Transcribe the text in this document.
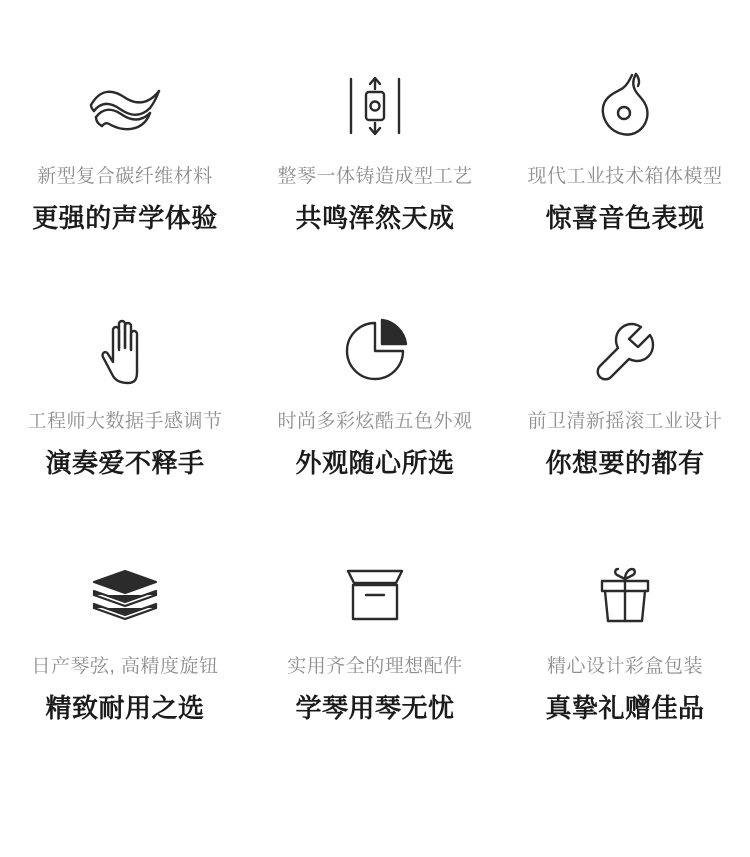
新型复合碳纤维材料
更强的声学体验
整琴一体铸造成型工艺
共鸣浑然天成
现代工业技术箱体模型
惊喜音色表现
工程师大数据手感调节
演奏爱不释手
时尚多彩炫酷五色外观
外观随心所选
前卫清新摇滚工业设计
你想要的都有
日产琴弦, 高精度旋钮
精致耐用之选
实用齐全的理想配件
学琴用琴无忧
精心设计彩盒包装
真挚礼赠佳品
